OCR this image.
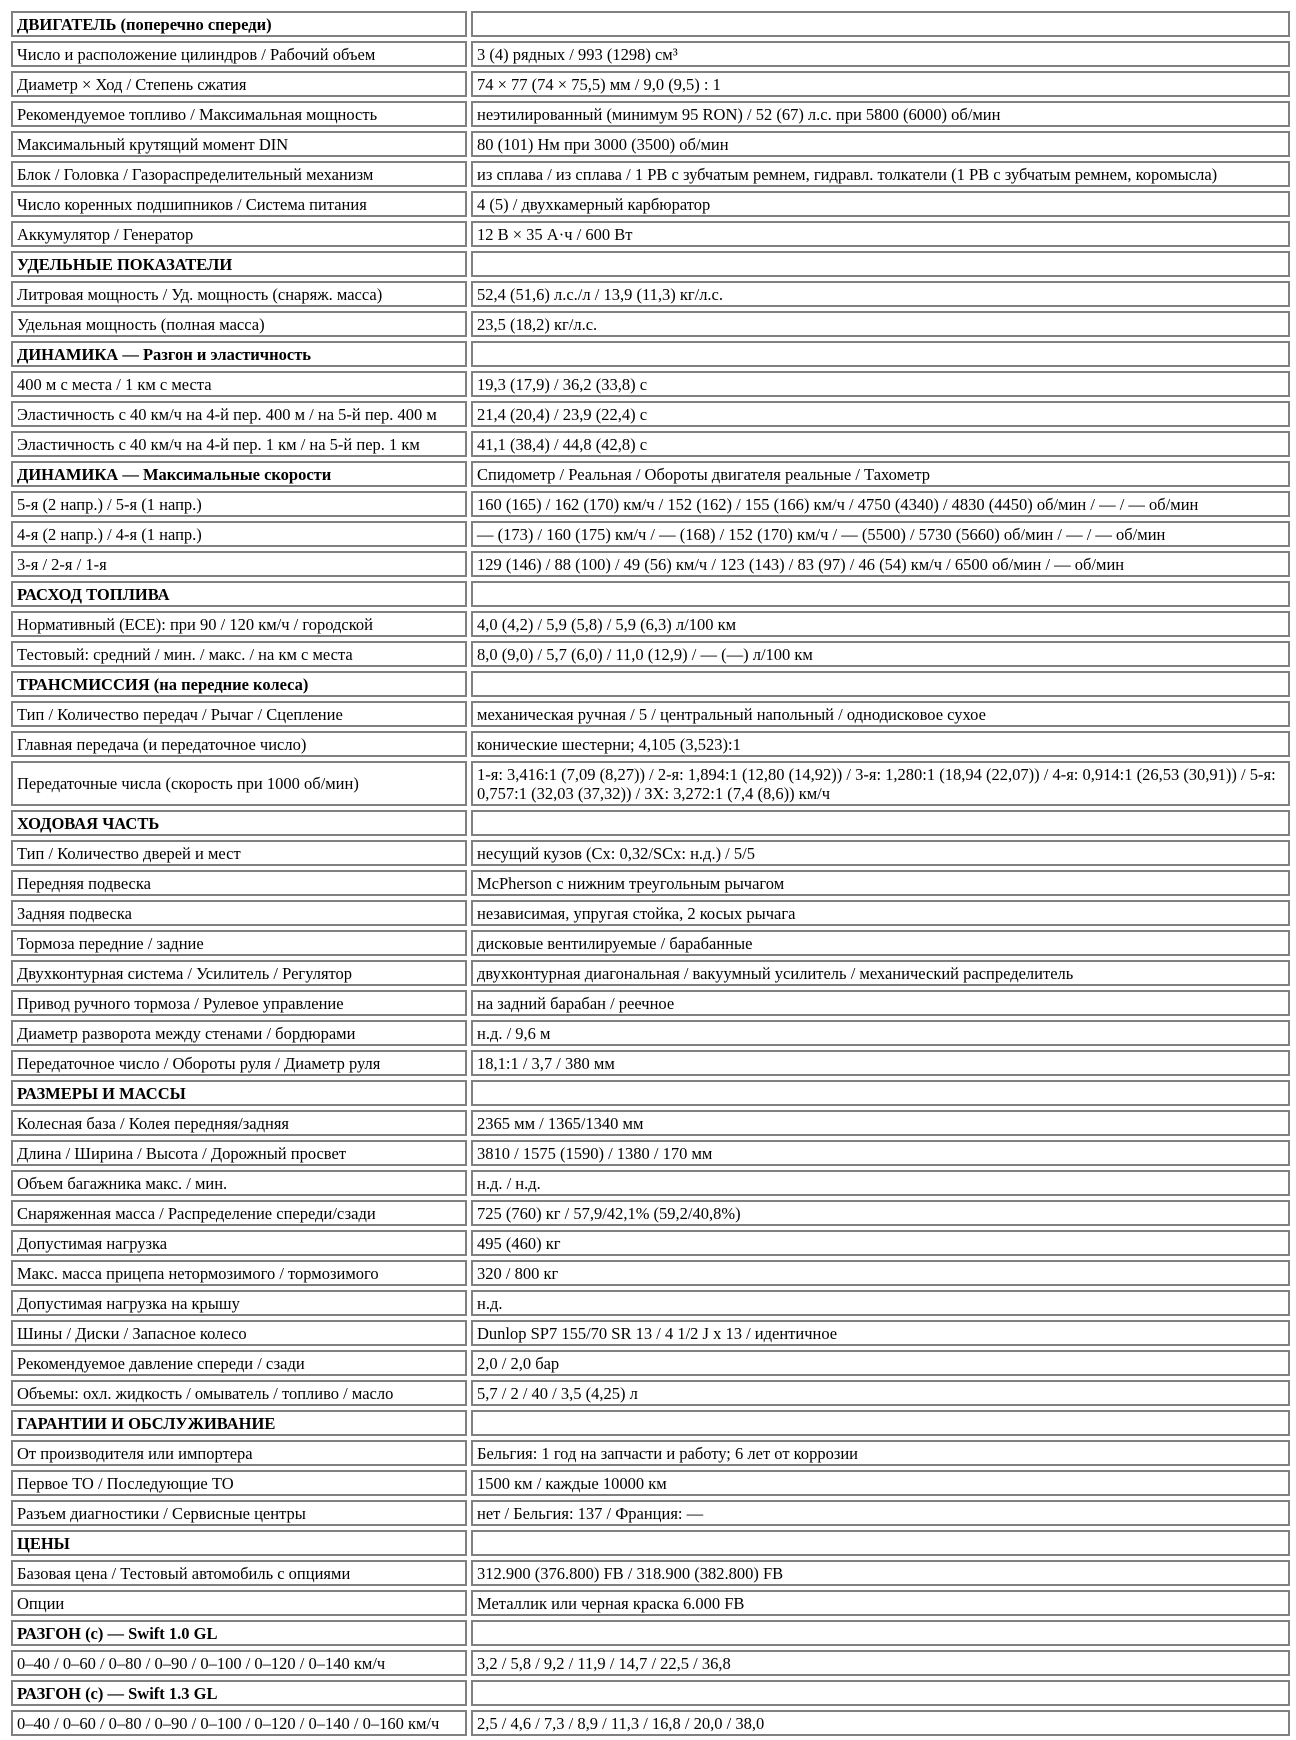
ДВИГАТЕЛЬ (поперечно спереди)	
Число и расположение цилиндров / Рабочий объем	3 (4) рядных / 993 (1298) см³
Диаметр × Ход / Степень сжатия	74 × 77 (74 × 75,5) мм / 9,0 (9,5) : 1
Рекомендуемое топливо / Максимальная мощность	неэтилированный (минимум 95 RON) / 52 (67) л.с. при 5800 (6000) об/мин
Максимальный крутящий момент DIN	80 (101) Нм при 3000 (3500) об/мин
Блок / Головка / Газораспределительный механизм	из сплава / из сплава / 1 РВ с зубчатым ремнем, гидравл. толкатели (1 РВ с зубчатым ремнем, коромысла)
Число коренных подшипников / Система питания	4 (5) / двухкамерный карбюратор
Аккумулятор / Генератор	12 В × 35 А·ч / 600 Вт
УДЕЛЬНЫЕ ПОКАЗАТЕЛИ	
Литровая мощность / Уд. мощность (снаряж. масса)	52,4 (51,6) л.с./л / 13,9 (11,3) кг/л.с.
Удельная мощность (полная масса)	23,5 (18,2) кг/л.с.
ДИНАМИКА — Разгон и эластичность	
400 м с места / 1 км с места	19,3 (17,9) / 36,2 (33,8) с
Эластичность с 40 км/ч на 4-й пер. 400 м / на 5-й пер. 400 м	21,4 (20,4) / 23,9 (22,4) с
Эластичность с 40 км/ч на 4-й пер. 1 км / на 5-й пер. 1 км	41,1 (38,4) / 44,8 (42,8) с
ДИНАМИКА — Максимальные скорости	Спидометр / Реальная / Обороты двигателя реальные / Тахометр
5-я (2 напр.) / 5-я (1 напр.)	160 (165) / 162 (170) км/ч / 152 (162) / 155 (166) км/ч / 4750 (4340) / 4830 (4450) об/мин / — / — об/мин
4-я (2 напр.) / 4-я (1 напр.)	— (173) / 160 (175) км/ч / — (168) / 152 (170) км/ч / — (5500) / 5730 (5660) об/мин / — / — об/мин
3-я / 2-я / 1-я	129 (146) / 88 (100) / 49 (56) км/ч / 123 (143) / 83 (97) / 46 (54) км/ч / 6500 об/мин / — об/мин
РАСХОД ТОПЛИВА	
Нормативный (ECE): при 90 / 120 км/ч / городской	4,0 (4,2) / 5,9 (5,8) / 5,9 (6,3) л/100 км
Тестовый: средний / мин. / макс. / на км с места	8,0 (9,0) / 5,7 (6,0) / 11,0 (12,9) / — (—) л/100 км
ТРАНСМИССИЯ (на передние колеса)	
Тип / Количество передач / Рычаг / Сцепление	механическая ручная / 5 / центральный напольный / однодисковое сухое
Главная передача (и передаточное число)	конические шестерни; 4,105 (3,523):1
Передаточные числа (скорость при 1000 об/мин)	1-я: 3,416:1 (7,09 (8,27)) / 2-я: 1,894:1 (12,80 (14,92)) / 3-я: 1,280:1 (18,94 (22,07)) / 4-я: 0,914:1 (26,53 (30,91)) / 5-я: 0,757:1 (32,03 (37,32)) / ЗХ: 3,272:1 (7,4 (8,6)) км/ч
ХОДОВАЯ ЧАСТЬ	
Тип / Количество дверей и мест	несущий кузов (Cx: 0,32/SCx: н.д.) / 5/5
Передняя подвеска	McPherson с нижним треугольным рычагом
Задняя подвеска	независимая, упругая стойка, 2 косых рычага
Тормоза передние / задние	дисковые вентилируемые / барабанные
Двухконтурная система / Усилитель / Регулятор	двухконтурная диагональная / вакуумный усилитель / механический распределитель
Привод ручного тормоза / Рулевое управление	на задний барабан / реечное
Диаметр разворота между стенами / бордюрами	н.д. / 9,6 м
Передаточное число / Обороты руля / Диаметр руля	18,1:1 / 3,7 / 380 мм
РАЗМЕРЫ И МАССЫ	
Колесная база / Колея передняя/задняя	2365 мм / 1365/1340 мм
Длина / Ширина / Высота / Дорожный просвет	3810 / 1575 (1590) / 1380 / 170 мм
Объем багажника макс. / мин.	н.д. / н.д.
Снаряженная масса / Распределение спереди/сзади	725 (760) кг / 57,9/42,1% (59,2/40,8%)
Допустимая нагрузка	495 (460) кг
Макс. масса прицепа нетормозимого / тормозимого	320 / 800 кг
Допустимая нагрузка на крышу	н.д.
Шины / Диски / Запасное колесо	Dunlop SP7 155/70 SR 13 / 4 1/2 J x 13 / идентичное
Рекомендуемое давление спереди / сзади	2,0 / 2,0 бар
Объемы: охл. жидкость / омыватель / топливо / масло	5,7 / 2 / 40 / 3,5 (4,25) л
ГАРАНТИИ И ОБСЛУЖИВАНИЕ	
От производителя или импортера	Бельгия: 1 год на запчасти и работу; 6 лет от коррозии
Первое ТО / Последующие ТО	1500 км / каждые 10000 км
Разъем диагностики / Сервисные центры	нет / Бельгия: 137 / Франция: —
ЦЕНЫ	
Базовая цена / Тестовый автомобиль с опциями	312.900 (376.800) FB / 318.900 (382.800) FB
Опции	Металлик или черная краска 6.000 FB
РАЗГОН (с) — Swift 1.0 GL	
0–40 / 0–60 / 0–80 / 0–90 / 0–100 / 0–120 / 0–140 км/ч	3,2 / 5,8 / 9,2 / 11,9 / 14,7 / 22,5 / 36,8
РАЗГОН (с) — Swift 1.3 GL	
0–40 / 0–60 / 0–80 / 0–90 / 0–100 / 0–120 / 0–140 / 0–160 км/ч	2,5 / 4,6 / 7,3 / 8,9 / 11,3 / 16,8 / 20,0 / 38,0
